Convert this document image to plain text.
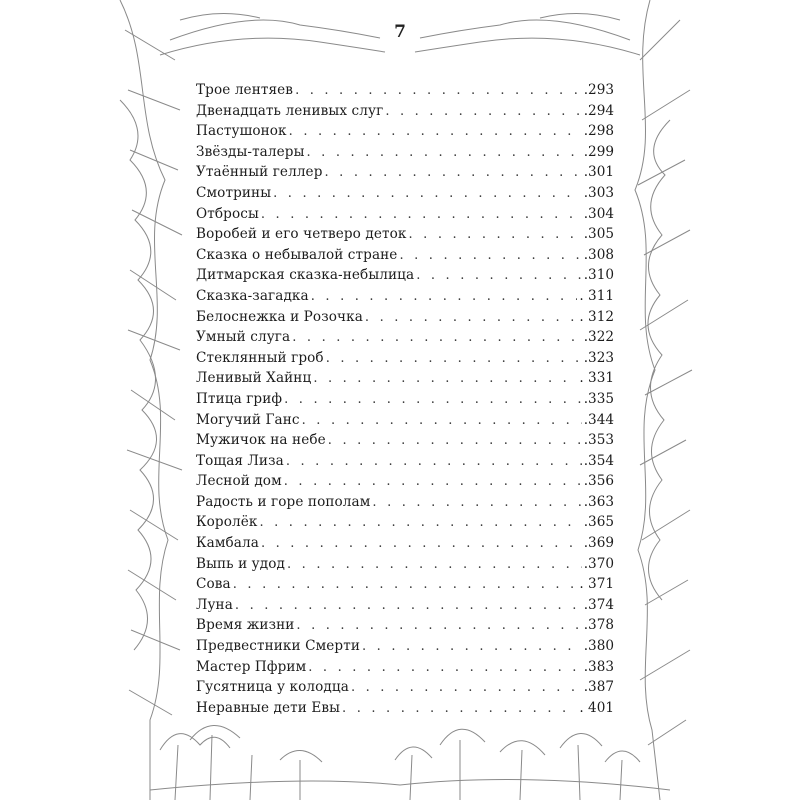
7
Трое лентяев . . .	.293
Двенадцать ленивых слуг . . .	.294
Пастушонок . . .	.298
Звёзды-талеры . . .	.299
Утаённый геллер . . .	.301
Смотрины . . .	.303
Отбросы . . .	.304
Воробей и его четверо деток . . .	.305
Сказка о небывалой стране . . .	.308
Дитмарская сказка-небылица . . .	.310
Сказка-загадка . . .	. 311
Белоснежка и Розочка . . .	. 312
Умный слуга . . .	.322
Стеклянный гроб . . .	.323
Ленивый Хайнц . . .	. 331
Птица гриф . . .	.335
Могучий Ганс . . .	.344
Мужичок на небе . . .	.353
Тощая Лиза . . .	.354
Лесной дом . . .	.356
Радость и горе пополам . . .	.363
Королёк . . .	.365
Камбала . . .	.369
Выпь и удод . . .	.370
Сова . . .	. 371
Луна . . .	.374
Время жизни . . .	.378
Предвестники Смерти . . .	.380
Мастер Пфрим . . .	.383
Гусятница у колодца . . .	.387
Неравные дети Евы . . .	. 401
